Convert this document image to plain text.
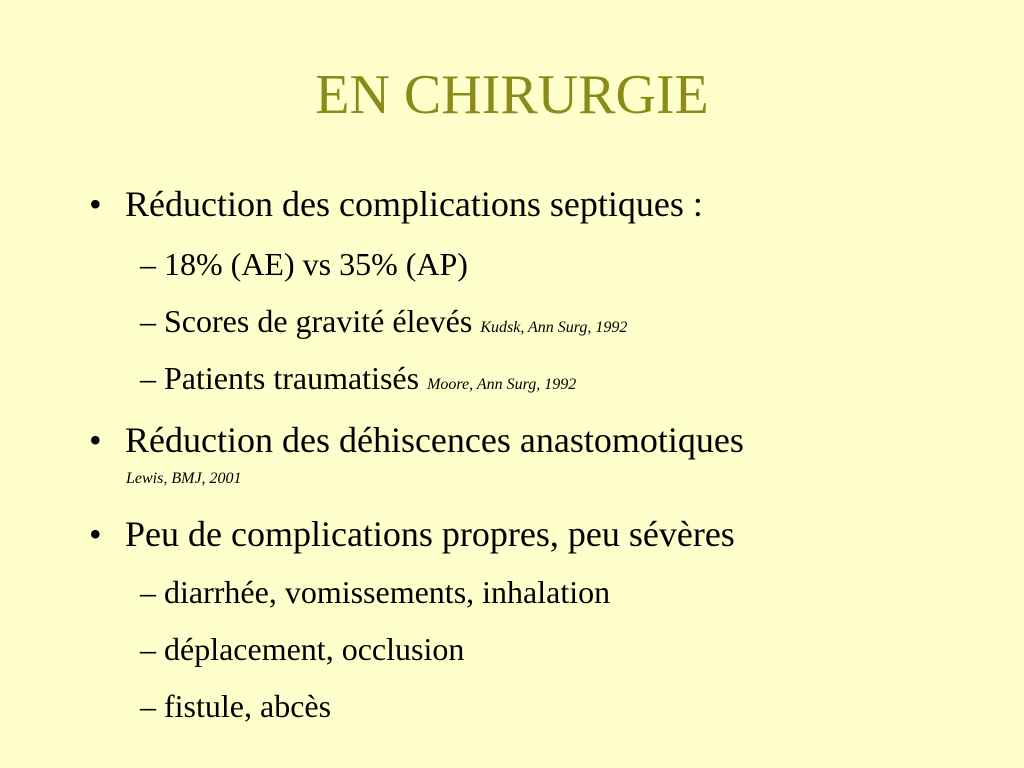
EN CHIRURGIE
• Réduction des complications septiques :
– 18% (AE) vs 35% (AP)
– Scores de gravité élevés Kudsk, Ann Surg, 1992
– Patients traumatisés Moore, Ann Surg, 1992
• Réduction des déhiscences anastomotiques
Lewis, BMJ, 2001
• Peu de complications propres, peu sévères
– diarrhée, vomissements, inhalation
– déplacement, occlusion
– fistule, abcès
